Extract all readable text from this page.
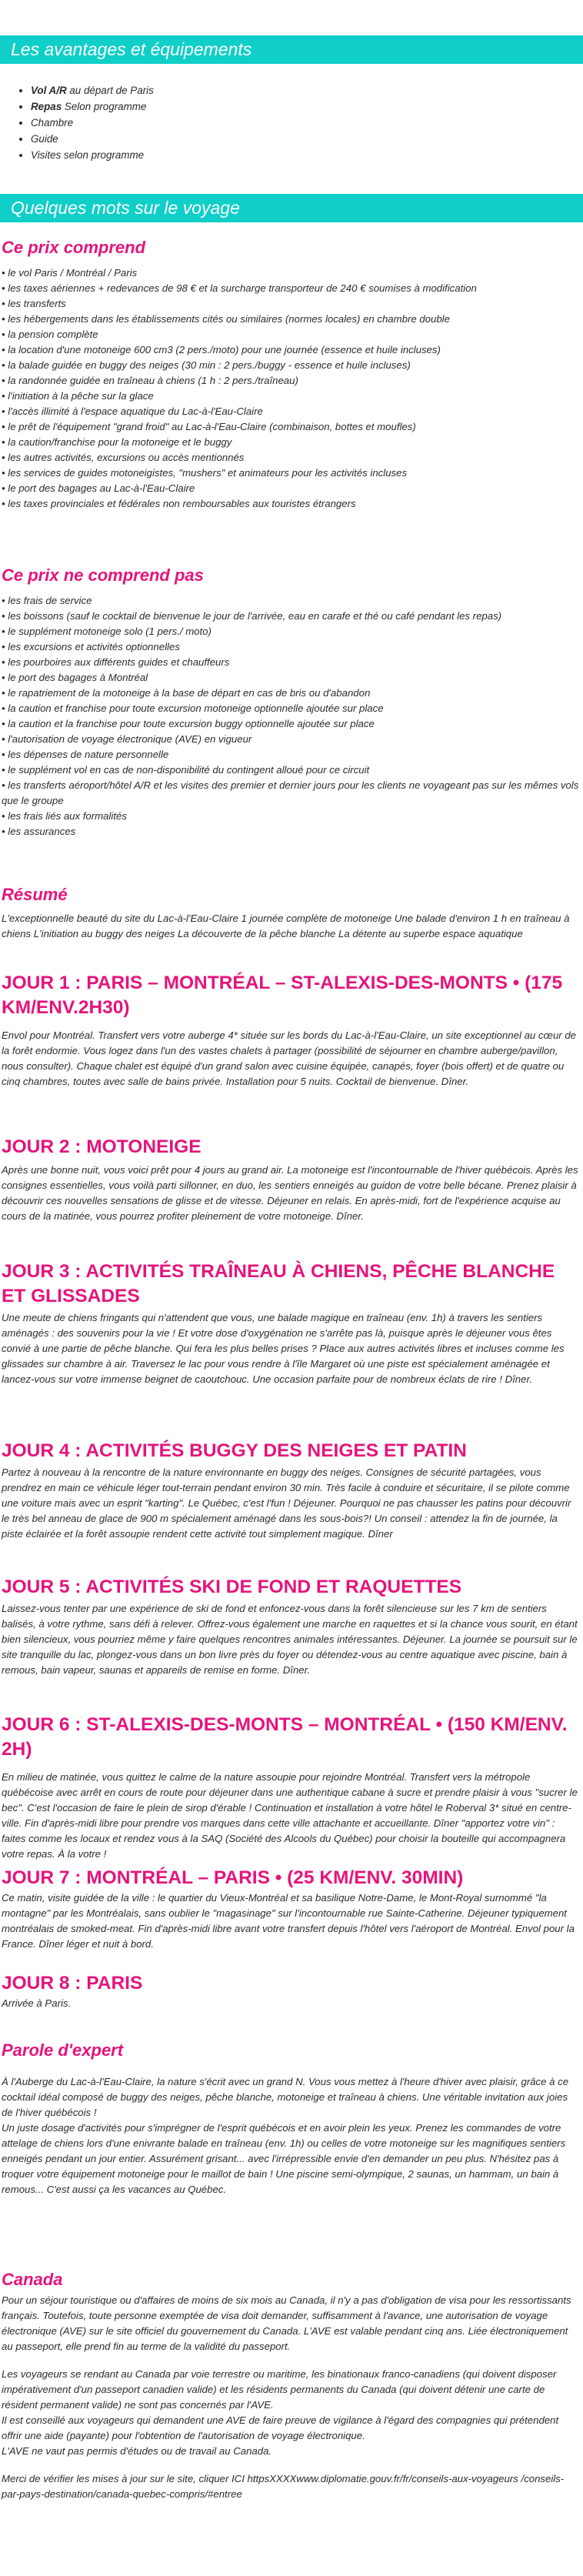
Les avantages et équipements
• Vol A/R au départ de Paris
• Repas Selon programme
• Chambre
• Guide
• Visites selon programme
Quelques mots sur le voyage
Ce prix comprend
• le vol Paris / Montréal / Paris
• les taxes aériennes + redevances de 98 € et la surcharge transporteur de 240 € soumises à modification
• les transferts
• les hébergements dans les établissements cités ou similaires (normes locales) en chambre double
• la pension complète
• la location d'une motoneige 600 cm3 (2 pers./moto) pour une journée (essence et huile incluses)
• la balade guidée en buggy des neiges (30 min : 2 pers./buggy - essence et huile incluses)
• la randonnée guidée en traîneau à chiens (1 h : 2 pers./traîneau)
• l'initiation à la pêche sur la glace
• l'accès illimité à l'espace aquatique du Lac-à-l'Eau-Claire
• le prêt de l'équipement "grand froid" au Lac-à-l'Eau-Claire (combinaison, bottes et moufles)
• la caution/franchise pour la motoneige et le buggy
• les autres activités, excursions ou accès mentionnés
• les services de guides motoneigistes, "mushers" et animateurs pour les activités incluses
• le port des bagages au Lac-à-l'Eau-Claire
• les taxes provinciales et fédérales non remboursables aux touristes étrangers
Ce prix ne comprend pas
• les frais de service
• les boissons (sauf le cocktail de bienvenue le jour de l'arrivée, eau en carafe et thé ou café pendant les repas)
• le supplément motoneige solo (1 pers./ moto)
• les excursions et activités optionnelles
• les pourboires aux différents guides et chauffeurs
• le port des bagages à Montréal
• le rapatriement de la motoneige à la base de départ en cas de bris ou d'abandon
• la caution et franchise pour toute excursion motoneige optionnelle ajoutée sur place
• la caution et la franchise pour toute excursion buggy optionnelle ajoutée sur place
• l'autorisation de voyage électronique (AVE) en vigueur
• les dépenses de nature personnelle
• le supplément vol en cas de non-disponibilité du contingent alloué pour ce circuit
• les transferts aéroport/hôtel A/R et les visites des premier et dernier jours pour les clients ne voyageant pas sur les mêmes vols que le groupe
• les frais liés aux formalités
• les assurances
Résumé

L'exceptionnelle beauté du site du Lac-à-l'Eau-Claire 1 journée complète de motoneige Une balade d'environ 1 h en traîneau à chiens L'initiation au buggy des neiges La découverte de la pêche blanche La détente au superbe espace aquatique

JOUR 1 : PARIS – MONTRÉAL – ST-ALEXIS-DES-MONTS • (175 KM/ENV.2H30)

Envol pour Montréal. Transfert vers votre auberge 4* située sur les bords du Lac-à-l'Eau-Claire, un site exceptionnel au cœur de la forêt endormie. Vous logez dans l'un des vastes chalets à partager (possibilité de séjourner en chambre auberge/pavillon, nous consulter). Chaque chalet est équipé d'un grand salon avec cuisine équipée, canapés, foyer (bois offert) et de quatre ou cinq chambres, toutes avec salle de bains privée. Installation pour 5 nuits. Cocktail de bienvenue. Dîner.

JOUR 2 : MOTONEIGE

Après une bonne nuit, vous voici prêt pour 4 jours au grand air. La motoneige est l'incontournable de l'hiver québécois. Après les consignes essentielles, vous voilà parti sillonner, en duo, les sentiers enneigés au guidon de votre belle bécane. Prenez plaisir à découvrir ces nouvelles sensations de glisse et de vitesse. Déjeuner en relais. En après-midi, fort de l'expérience acquise au cours de la matinée, vous pourrez profiter pleinement de votre motoneige. Dîner.

JOUR 3 : ACTIVITÉS TRAÎNEAU À CHIENS, PÊCHE BLANCHE ET GLISSADES

Une meute de chiens fringants qui n'attendent que vous, une balade magique en traîneau (env. 1h) à travers les sentiers aménagés : des souvenirs pour la vie ! Et votre dose d'oxygénation ne s'arrête pas là, puisque après le déjeuner vous êtes convié à une partie de pêche blanche. Qui fera les plus belles prises ? Place aux autres activités libres et incluses comme les glissades sur chambre à air. Traversez le lac pour vous rendre à l'île Margaret où une piste est spécialement aménagée et lancez-vous sur votre immense beignet de caoutchouc. Une occasion parfaite pour de nombreux éclats de rire ! Dîner.

JOUR 4 : ACTIVITÉS BUGGY DES NEIGES ET PATIN

Partez à nouveau à la rencontre de la nature environnante en buggy des neiges. Consignes de sécurité partagées, vous prendrez en main ce véhicule léger tout-terrain pendant environ 30 min. Très facile à conduire et sécuritaire, il se pilote comme une voiture mais avec un esprit "karting". Le Québec, c'est l'fun ! Déjeuner. Pourquoi ne pas chausser les patins pour découvrir le très bel anneau de glace de 900 m spécialement aménagé dans les sous-bois?! Un conseil : attendez la fin de journée, la piste éclairée et la forêt assoupie rendent cette activité tout simplement magique. Dîner

JOUR 5 : ACTIVITÉS SKI DE FOND ET RAQUETTES

Laissez-vous tenter par une expérience de ski de fond et enfoncez-vous dans la forêt silencieuse sur les 7 km de sentiers balisés, à votre rythme, sans défi à relever. Offrez-vous également une marche en raquettes et si la chance vous sourit, en étant bien silencieux, vous pourriez même y faire quelques rencontres animales intéressantes. Déjeuner. La journée se poursuit sur le site tranquille du lac, plongez-vous dans un bon livre près du foyer ou détendez-vous au centre aquatique avec piscine, bain à remous, bain vapeur, saunas et appareils de remise en forme. Dîner.

JOUR 6 : ST-ALEXIS-DES-MONTS – MONTRÉAL • (150 KM/ENV. 2H)

En milieu de matinée, vous quittez le calme de la nature assoupie pour rejoindre Montréal. Transfert vers la métropole québécoise avec arrêt en cours de route pour déjeuner dans une authentique cabane à sucre et prendre plaisir à vous "sucrer le bec". C'est l'occasion de faire le plein de sirop d'érable ! Continuation et installation à votre hôtel le Roberval 3* situé en centre-ville. Fin d'après-midi libre pour prendre vos marques dans cette ville attachante et accueillante. Dîner "apportez votre vin" : faites comme les locaux et rendez vous à la SAQ (Société des Alcools du Québec) pour choisir la bouteille qui accompagnera votre repas. À la votre !

JOUR 7 : MONTRÉAL – PARIS • (25 KM/ENV. 30MIN)

Ce matin, visite guidée de la ville : le quartier du Vieux-Montréal et sa basilique Notre-Dame, le Mont-Royal surnommé "la montagne" par les Montréalais, sans oublier le "magasinage" sur l'incontournable rue Sainte-Catherine. Déjeuner typiquement montréalais de smoked-meat. Fin d'après-midi libre avant votre transfert depuis l'hôtel vers l'aéroport de Montréal. Envol pour la France. Dîner léger et nuit à bord.

JOUR 8 : PARIS

Arrivée à Paris.

Parole d'expert

À l'Auberge du Lac-à-l'Eau-Claire, la nature s'écrit avec un grand N. Vous vous mettez à l'heure d'hiver avec plaisir, grâce à ce cocktail idéal composé de buggy des neiges, pêche blanche, motoneige et traîneau à chiens. Une véritable invitation aux joies de l'hiver québécois !

Un juste dosage d'activités pour s'imprégner de l'esprit québécois et en avoir plein les yeux. Prenez les commandes de votre attelage de chiens lors d'une enivrante balade en traîneau (env. 1h) ou celles de votre motoneige sur les magnifiques sentiers enneigés pendant un jour entier. Assurément grisant... avec l'irrépressible envie d'en demander un peu plus. N'hésitez pas à troquer votre équipement motoneige pour le maillot de bain ! Une piscine semi-olympique, 2 saunas, un hammam, un bain à remous... C'est aussi ça les vacances au Québec.

Canada

Pour un séjour touristique ou d'affaires de moins de six mois au Canada, il n'y a pas d'obligation de visa pour les ressortissants français. Toutefois, toute personne exemptée de visa doit demander, suffisamment à l'avance, une autorisation de voyage électronique (AVE) sur le site officiel du gouvernement du Canada. L'AVE est valable pendant cinq ans. Liée électroniquement au passeport, elle prend fin au terme de la validité du passeport.

Les voyageurs se rendant au Canada par voie terrestre ou maritime, les binationaux franco-canadiens (qui doivent disposer impérativement d'un passeport canadien valide) et les résidents permanents du Canada (qui doivent détenir une carte de résident permanent valide) ne sont pas concernés par l'AVE.

Il est conseillé aux voyageurs qui demandent une AVE de faire preuve de vigilance à l'égard des compagnies qui prétendent offrir une aide (payante) pour l'obtention de l'autorisation de voyage électronique.

L'AVE ne vaut pas permis d'études ou de travail au Canada.

Merci de vérifier les mises à jour sur le site, cliquer ICI httpsXXXXwww.diplomatie.gouv.fr/fr/conseils-aux-voyageurs /conseils-par-pays-destination/canada-quebec-compris/#entree
